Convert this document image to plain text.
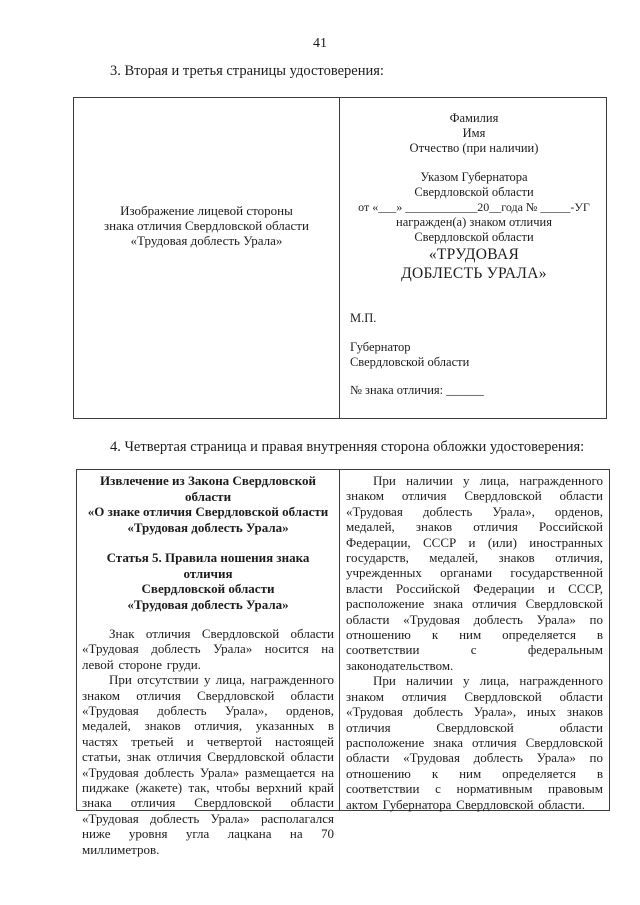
41
3. Вторая и третья страницы удостоверения:
Изображение лицевой стороны
знака отличия Свердловской области
«Трудовая доблесть Урала»
Фамилия
Имя
Отчество (при наличии)
Указом Губернатора
Свердловской области
от «___» ____________20__года № _____-УГ
награжден(а) знаком отличия
Свердловской области
«ТРУДОВАЯ
ДОБЛЕСТЬ УРАЛА»
М.П.
Губернатор
Свердловской области
№ знака отличия: ______
4. Четвертая страница и правая внутренняя сторона обложки удостоверения:
Извлечение из Закона Свердловской области
«О знаке отличия Свердловской области
«Трудовая доблесть Урала»
Статья 5. Правила ношения знака отличия
Свердловской области
«Трудовая доблесть Урала»

Знак отличия Свердловской области «Трудовая доблесть Урала» носится на левой стороне груди.

При отсутствии у лица, награжденного знаком отличия Свердловской области «Трудовая доблесть Урала», орденов, медалей, знаков отличия, указанных в частях третьей и четвертой настоящей статьи, знак отличия Свердловской области «Трудовая доблесть Урала» размещается на пиджаке (жакете) так, чтобы верхний край знака отличия Свердловской области «Трудовая доблесть Урала» располагался ниже уровня угла лацкана на 70 миллиметров.

При наличии у лица, награжденного знаком отличия Свердловской области «Трудовая доблесть Урала», орденов, медалей, знаков отличия Российской Федерации, СССР и (или) иностранных государств, медалей, знаков отличия, учрежденных органами государственной власти Российской Федерации и СССР, расположение знака отличия Свердловской области «Трудовая доблесть Урала» по отношению к ним определяется в соответствии с федеральным законодательством.

При наличии у лица, награжденного знаком отличия Свердловской области «Трудовая доблесть Урала», иных знаков отличия Свердловской области расположение знака отличия Свердловской области «Трудовая доблесть Урала» по отношению к ним определяется в соответствии с нормативным правовым актом Губернатора Свердловской области.
